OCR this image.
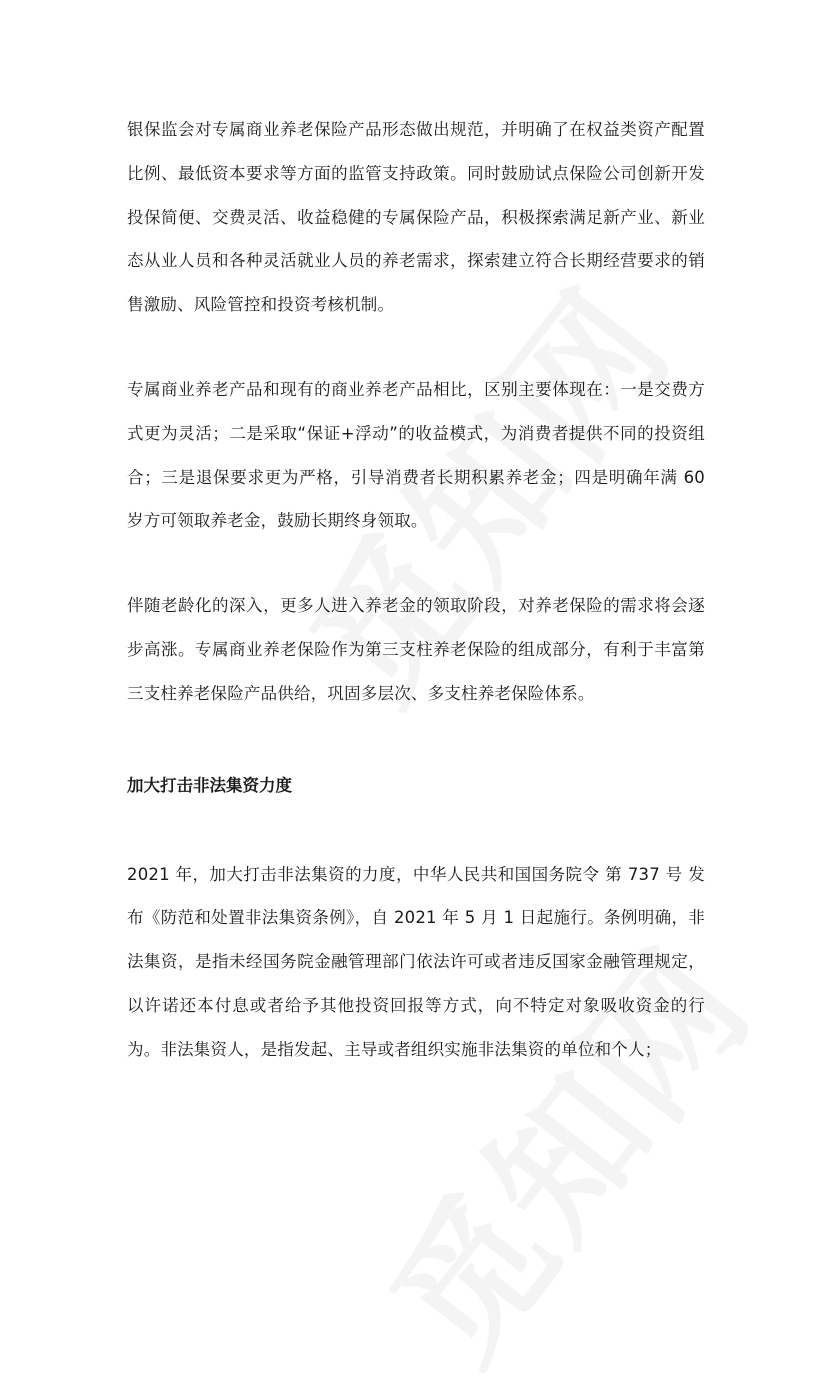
银保监会对专属商业养老保险产品形态做出规范，并明确了在权益类资产配置比例、最低资本要求等方面的监管支持政策。同时鼓励试点保险公司创新开发投保简便、交费灵活、收益稳健的专属保险产品，积极探索满足新产业、新业态从业人员和各种灵活就业人员的养老需求，探索建立符合长期经营要求的销售激励、风险管控和投资考核机制。

专属商业养老产品和现有的商业养老产品相比，区别主要体现在：一是交费方式更为灵活；二是采取“保证+浮动”的收益模式，为消费者提供不同的投资组合；三是退保要求更为严格，引导消费者长期积累养老金；四是明确年满 60 岁方可领取养老金，鼓励长期终身领取。

伴随老龄化的深入，更多人进入养老金的领取阶段，对养老保险的需求将会逐步高涨。专属商业养老保险作为第三支柱养老保险的组成部分，有利于丰富第三支柱养老保险产品供给，巩固多层次、多支柱养老保险体系。

加大打击非法集资力度

2021 年，加大打击非法集资的力度，中华人民共和国国务院令 第 737 号 发布《防范和处置非法集资条例》，自 2021 年 5 月 1 日起施行。条例明确，非法集资，是指未经国务院金融管理部门依法许可或者违反国家金融管理规定，以许诺还本付息或者给予其他投资回报等方式，向不特定对象吸收资金的行为。非法集资人，是指发起、主导或者组织实施非法集资的单位和个人；
